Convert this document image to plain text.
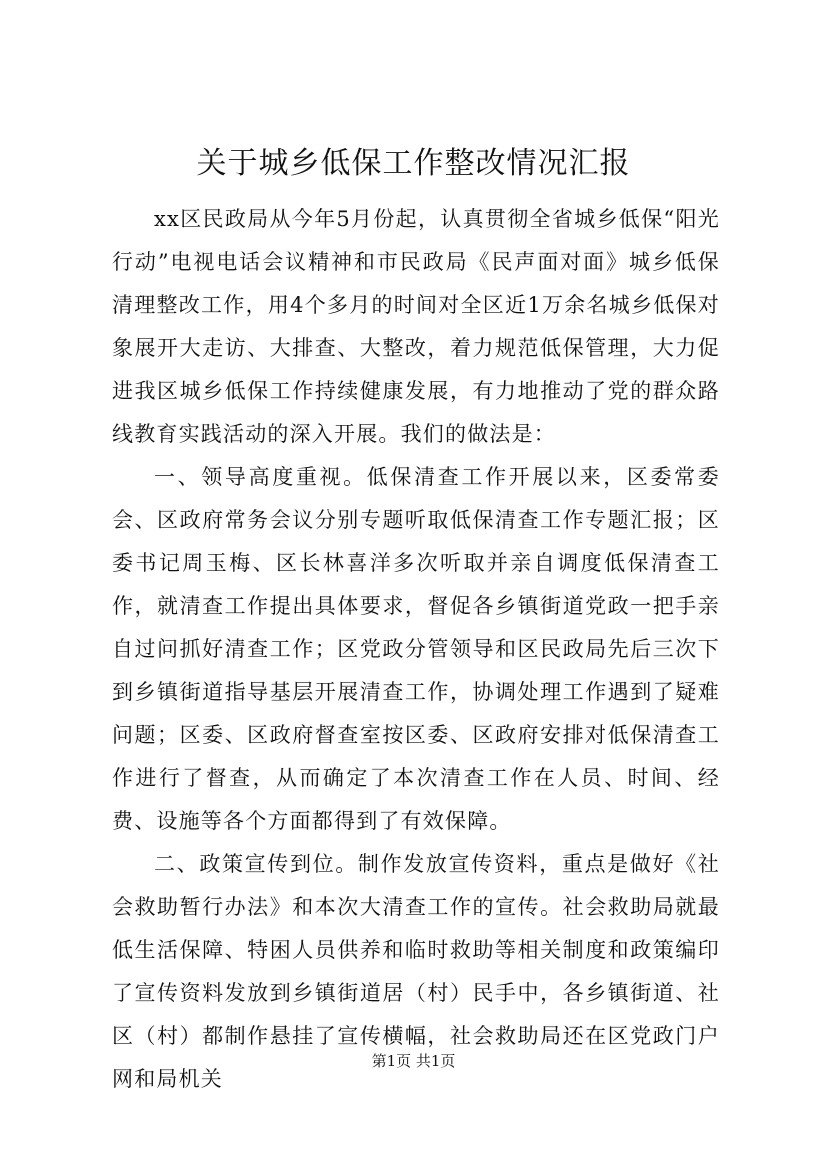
关于城乡低保工作整改情况汇报

xx区民政局从今年5月份起，认真贯彻全省城乡低保“阳光行动”电视电话会议精神和市民政局《民声面对面》城乡低保清理整改工作，用4个多月的时间对全区近1万余名城乡低保对象展开大走访、大排查、大整改，着力规范低保管理，大力促进我区城乡低保工作持续健康发展，有力地推动了党的群众路线教育实践活动的深入开展。我们的做法是：

一、领导高度重视。低保清查工作开展以来，区委常委会、区政府常务会议分别专题听取低保清查工作专题汇报；区委书记周玉梅、区长林喜洋多次听取并亲自调度低保清查工作，就清查工作提出具体要求，督促各乡镇街道党政一把手亲自过问抓好清查工作；区党政分管领导和区民政局先后三次下到乡镇街道指导基层开展清查工作，协调处理工作遇到了疑难问题；区委、区政府督查室按区委、区政府安排对低保清查工作进行了督查，从而确定了本次清查工作在人员、时间、经费、设施等各个方面都得到了有效保障。

二、政策宣传到位。制作发放宣传资料，重点是做好《社会救助暂行办法》和本次大清查工作的宣传。社会救助局就最低生活保障、特困人员供养和临时救助等相关制度和政策编印了宣传资料发放到乡镇街道居（村）民手中，各乡镇街道、社区（村）都制作悬挂了宣传横幅，社会救助局还在区党政门户网和局机关

第1页 共1页
